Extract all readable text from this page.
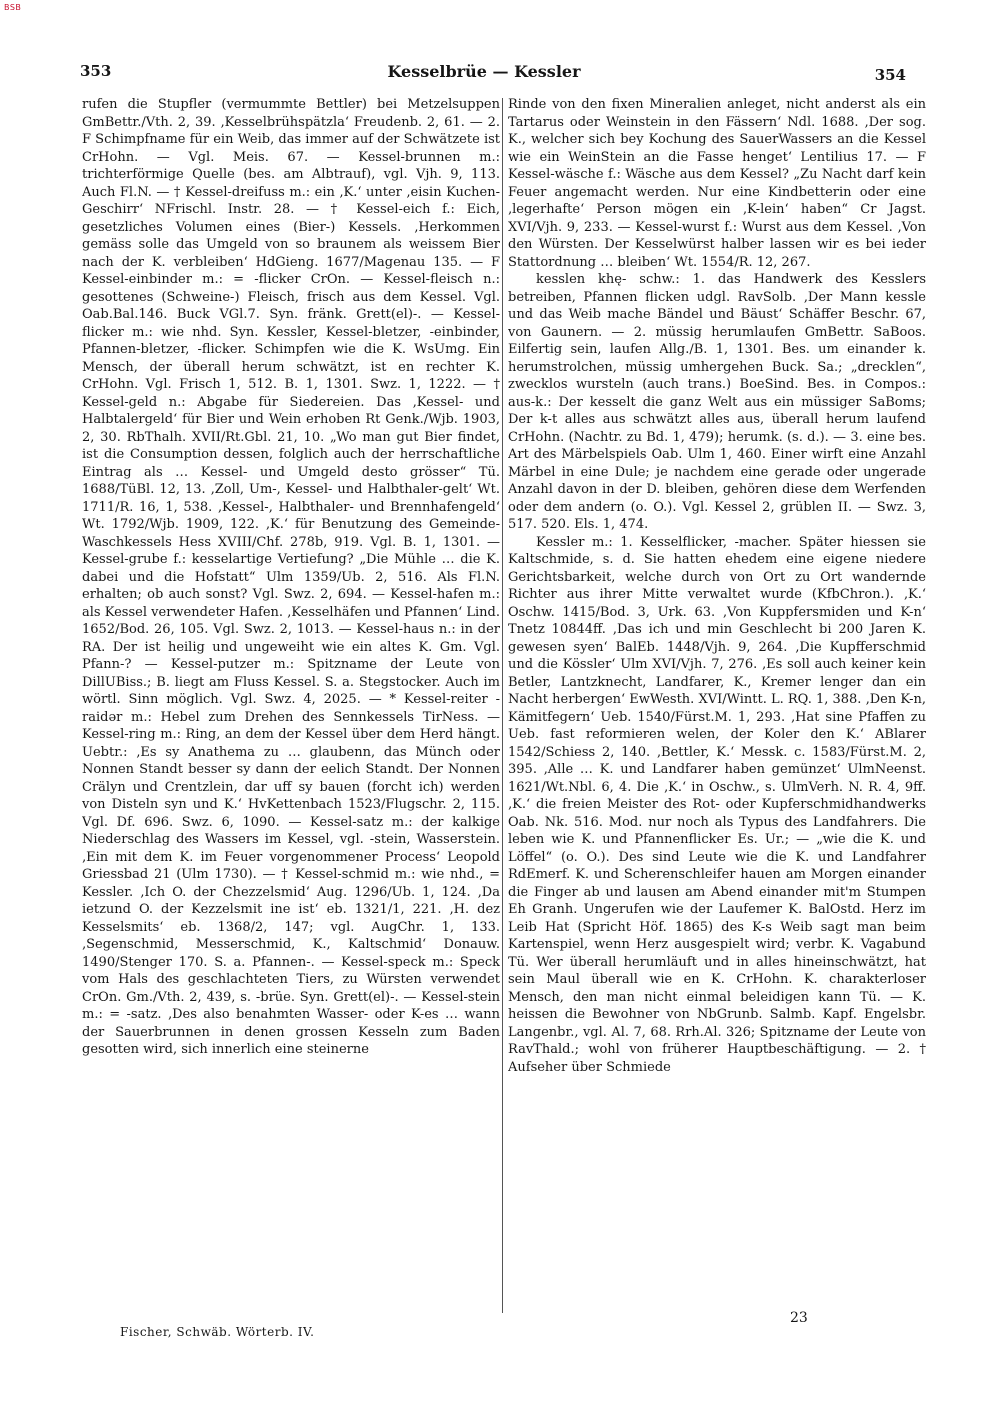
BSB
353	Kesselbrüe — Kessler	354

rufen die Stupfler (vermummte Bettler) bei Metzelsuppen GmBettr./Vth. 2, 39. ‚Kesselbrühspätzla‘ Freudenb. 2, 61. — 2. F Schimpfname für ein Weib, das immer auf der Schwätzete ist CrHohn. — Vgl. Meis. 67. — Kessel-brunnen m.: trichterförmige Quelle (bes. am Albtrauf), vgl. Vjh. 9, 113. Auch Fl.N. — † Kessel-dreifuss m.: ein ‚K.‘ unter ‚eisin Kuchen-Geschirr‘ NFrischl. Instr. 28. — † Kessel-eich f.: Eich, gesetzliches Volumen eines (Bier-) Kessels. ‚Herkommen gemäss solle das Umgeld von so braunem als weissem Bier nach der K. verbleiben‘ HdGieng. 1677/Magenau 135. — F Kessel-einbinder m.: = -flicker CrOn. — Kessel-fleisch n.: gesottenes (Schweine-) Fleisch, frisch aus dem Kessel. Vgl. Oab.Bal.146. Buck VGl.7. Syn. fränk. Grett(el)-. — Kessel-flicker m.: wie nhd. Syn. Kessler, Kessel-bletzer, -einbinder, Pfannen-bletzer, -flicker. Schimpfen wie die K. WsUmg. Ein Mensch, der überall herum schwätzt, ist en rechter K. CrHohn. Vgl. Frisch 1, 512. B. 1, 1301. Swz. 1, 1222. — † Kessel-geld n.: Abgabe für Siedereien. Das ‚Kessel- und Halbtalergeld‘ für Bier und Wein erhoben Rt Genk./Wjb. 1903, 2, 30. RbThalh. XVII/Rt.Gbl. 21, 10. „Wo man gut Bier findet, ist die Consumption dessen, folglich auch der herrschaftliche Eintrag als … Kessel- und Umgeld desto grösser“ Tü. 1688/TüBl. 12, 13. ‚Zoll, Um-, Kessel- und Halbthaler-gelt‘ Wt. 1711/R. 16, 1, 538. ‚Kessel-, Halbthaler- und Brennhafengeld‘ Wt. 1792/Wjb. 1909, 122. ‚K.‘ für Benutzung des Gemeinde-Waschkessels Hess XVIII/Chf. 278b, 919. Vgl. B. 1, 1301. — Kessel-grube f.: kesselartige Vertiefung? „Die Mühle … die K. dabei und die Hofstatt“ Ulm 1359/Ub. 2, 516. Als Fl.N. erhalten; ob auch sonst? Vgl. Swz. 2, 694. — Kessel-hafen m.: als Kessel verwendeter Hafen. ‚Kesselhäfen und Pfannen‘ Lind. 1652/Bod. 26, 105. Vgl. Swz. 2, 1013. — Kessel-haus n.: in der RA. Der ist heilig und ungeweiht wie ein altes K. Gm. Vgl. Pfann-? — Kessel-putzer m.: Spitzname der Leute von DillUBiss.; B. liegt am Fluss Kessel. S. a. Stegstocker. Auch im wörtl. Sinn möglich. Vgl. Swz. 4, 2025. — * Kessel-reiter -raidər m.: Hebel zum Drehen des Sennkessels TirNess. — Kessel-ring m.: Ring, an dem der Kessel über dem Herd hängt. Uebtr.: ‚Es sy Anathema zu … glaubenn, das Münch oder Nonnen Standt besser sy dann der eelich Standt. Der Nonnen Crälyn und Crentzlein, dar uff sy bauen (forcht ich) werden von Disteln syn und K.‘ HvKettenbach 1523/Flugschr. 2, 115. Vgl. Df. 696. Swz. 6, 1090. — Kessel-satz m.: der kalkige Niederschlag des Wassers im Kessel, vgl. -stein, Wasserstein. ‚Ein mit dem K. im Feuer vorgenommener Process‘ Leopold Griessbad 21 (Ulm 1730). — † Kessel-schmid m.: wie nhd., = Kessler. ‚Ich O. der Chezzelsmid‘ Aug. 1296/Ub. 1, 124. ‚Da ietzund O. der Kezzelsmit ine ist‘ eb. 1321/1, 221. ‚H. dez Kesselsmits‘ eb. 1368/2, 147; vgl. AugChr. 1, 133. ‚Segenschmid, Messerschmid, K., Kaltschmid‘ Donauw. 1490/Stenger 170. S. a. Pfannen-. — Kessel-speck m.: Speck vom Hals des geschlachteten Tiers, zu Würsten verwendet CrOn. Gm./Vth. 2, 439, s. -brüe. Syn. Grett(el)-. — Kessel-stein m.: = -satz. ‚Des also benahmten Wasser- oder K-es … wann der Sauerbrunnen in denen grossen Kesseln zum Baden gesotten wird, sich innerlich eine steinerne

Rinde von den fixen Mineralien anleget, nicht anderst als ein Tartarus oder Weinstein in den Fässern‘ Ndl. 1688. ‚Der sog. K., welcher sich bey Kochung des SauerWassers an die Kessel wie ein WeinStein an die Fasse henget‘ Lentilius 17. — F Kessel-wäsche f.: Wäsche aus dem Kessel? „Zu Nacht darf kein Feuer angemacht werden. Nur eine Kindbetterin oder eine ‚legerhafte‘ Person mögen ein ‚K-lein‘ haben“ Cr Jagst. XVI/Vjh. 9, 233. — Kessel-wurst f.: Wurst aus dem Kessel. ‚Von den Würsten. Der Kesselwürst halber lassen wir es bei ieder Stattordnung … bleiben‘ Wt. 1554/R. 12, 267.

kesslen khę- schw.: 1. das Handwerk des Kesslers betreiben, Pfannen flicken udgl. RavSolb. ‚Der Mann kessle und das Weib mache Bändel und Bäust‘ Schäffer Beschr. 67, von Gaunern. — 2. müssig herumlaufen GmBettr. SaBoos. Eilfertig sein, laufen Allg./B. 1, 1301. Bes. um einander k. herumstrolchen, müssig umhergehen Buck. Sa.; „drecklen“, zwecklos wursteln (auch trans.) BoeSind. Bes. in Compos.: aus-k.: Der kesselt die ganz Welt aus ein müssiger SaBoms; Der k-t alles aus schwätzt alles aus, überall herum laufend CrHohn. (Nachtr. zu Bd. 1, 479); herumk. (s. d.). — 3. eine bes. Art des Märbelspiels Oab. Ulm 1, 460. Einer wirft eine Anzahl Märbel in eine Dule; je nachdem eine gerade oder ungerade Anzahl davon in der D. bleiben, gehören diese dem Werfenden oder dem andern (o. O.). Vgl. Kessel 2, grüblen II. — Swz. 3, 517. 520. Els. 1, 474.

Kessler m.: 1. Kesselflicker, -macher. Später hiessen sie Kaltschmide, s. d. Sie hatten ehedem eine eigene niedere Gerichtsbarkeit, welche durch von Ort zu Ort wandernde Richter aus ihrer Mitte verwaltet wurde (KfbChron.). ‚K.‘ Oschw. 1415/Bod. 3, Urk. 63. ‚Von Kuppfersmiden und K-n‘ Tnetz 10844ff. ‚Das ich und min Geschlecht bi 200 Jaren K. gewesen syen‘ BalEb. 1448/Vjh. 9, 264. ‚Die Kupfferschmid und die Kössler‘ Ulm XVI/Vjh. 7, 276. ‚Es soll auch keiner kein Betler, Lantzknecht, Landfarer, K., Kremer lenger dan ein Nacht herbergen‘ EwWesth. XVI/Wintt. L. RQ. 1, 388. ‚Den K-n, Kämitfegern‘ Ueb. 1540/Fürst.M. 1, 293. ‚Hat sine Pfaffen zu Ueb. fast reformieren welen, der Koler den K.‘ ABlarer 1542/Schiess 2, 140. ‚Bettler, K.‘ Messk. c. 1583/Fürst.M. 2, 395. ‚Alle … K. und Landfarer haben gemünzet‘ UlmNeenst. 1621/Wt.Nbl. 6, 4. Die ‚K.‘ in Oschw., s. UlmVerh. N. R. 4, 9ff. ‚K.‘ die freien Meister des Rot- oder Kupferschmidhandwerks Oab. Nk. 516. Mod. nur noch als Typus des Landfahrers. Die leben wie K. und Pfannenflicker Es. Ur.; — „wie die K. und Löffel“ (o. O.). Des sind Leute wie die K. und Landfahrer RdEmerf. K. und Scherenschleifer hauen am Morgen einander die Finger ab und lausen am Abend einander mit'm Stumpen Eh Granh. Ungerufen wie der Laufemer K. BalOstd. Herz im Leib Hat (Spricht Höf. 1865) des K-s Weib sagt man beim Kartenspiel, wenn Herz ausgespielt wird; verbr. K. Vagabund Tü. Wer überall herumläuft und in alles hineinschwätzt, hat sein Maul überall wie en K. CrHohn. K. charakterloser Mensch, den man nicht einmal beleidigen kann Tü. — K. heissen die Bewohner von NbGrunb. Salmb. Kapf. Engelsbr. Langenbr., vgl. Al. 7, 68. Rrh.Al. 326; Spitzname der Leute von RavThald.; wohl von früherer Hauptbeschäftigung. — 2. † Aufseher über Schmiede

Fischer, Schwäb. Wörterb. IV.
23
